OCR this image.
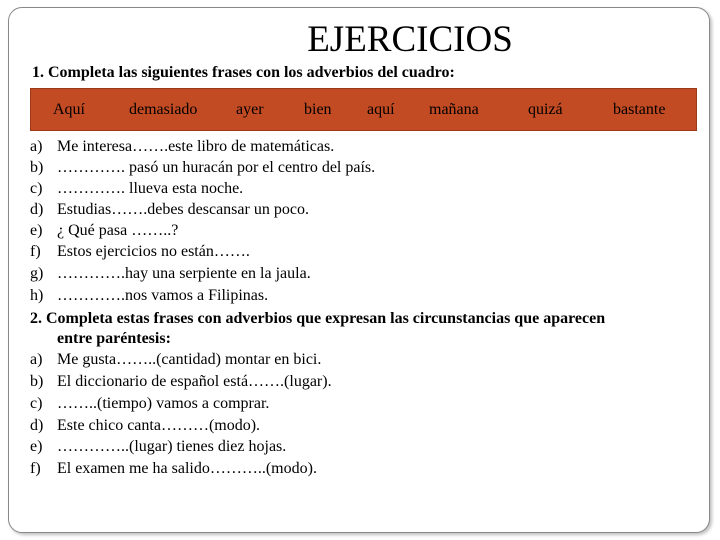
EJERCICIOS
1. Completa las siguientes frases con los adverbios del cuadro:
Aquí	demasiado ayer	bien aquí mañana	quizá	bastante
a) Me interesa…….este libro de matemáticas.
b) …………. pasó un huracán por el centro del país.
c) …………. llueva esta noche.
d) Estudias…….debes descansar un poco.
e) ¿ Qué pasa ……..?
f) Estos ejercicios no están…….
g) ………….hay una serpiente en la jaula.
h) ………….nos vamos a Filipinas.
2. Completa estas frases con adverbios que expresan las circunstancias que aparecen
entre paréntesis:
a) Me gusta……..(cantidad) montar en bici.
b) El diccionario de español está…….(lugar).
c) ……..(tiempo) vamos a comprar.
d) Este chico canta………(modo).
e) …………..(lugar) tienes diez hojas.
f) El examen me ha salido………..(modo).
